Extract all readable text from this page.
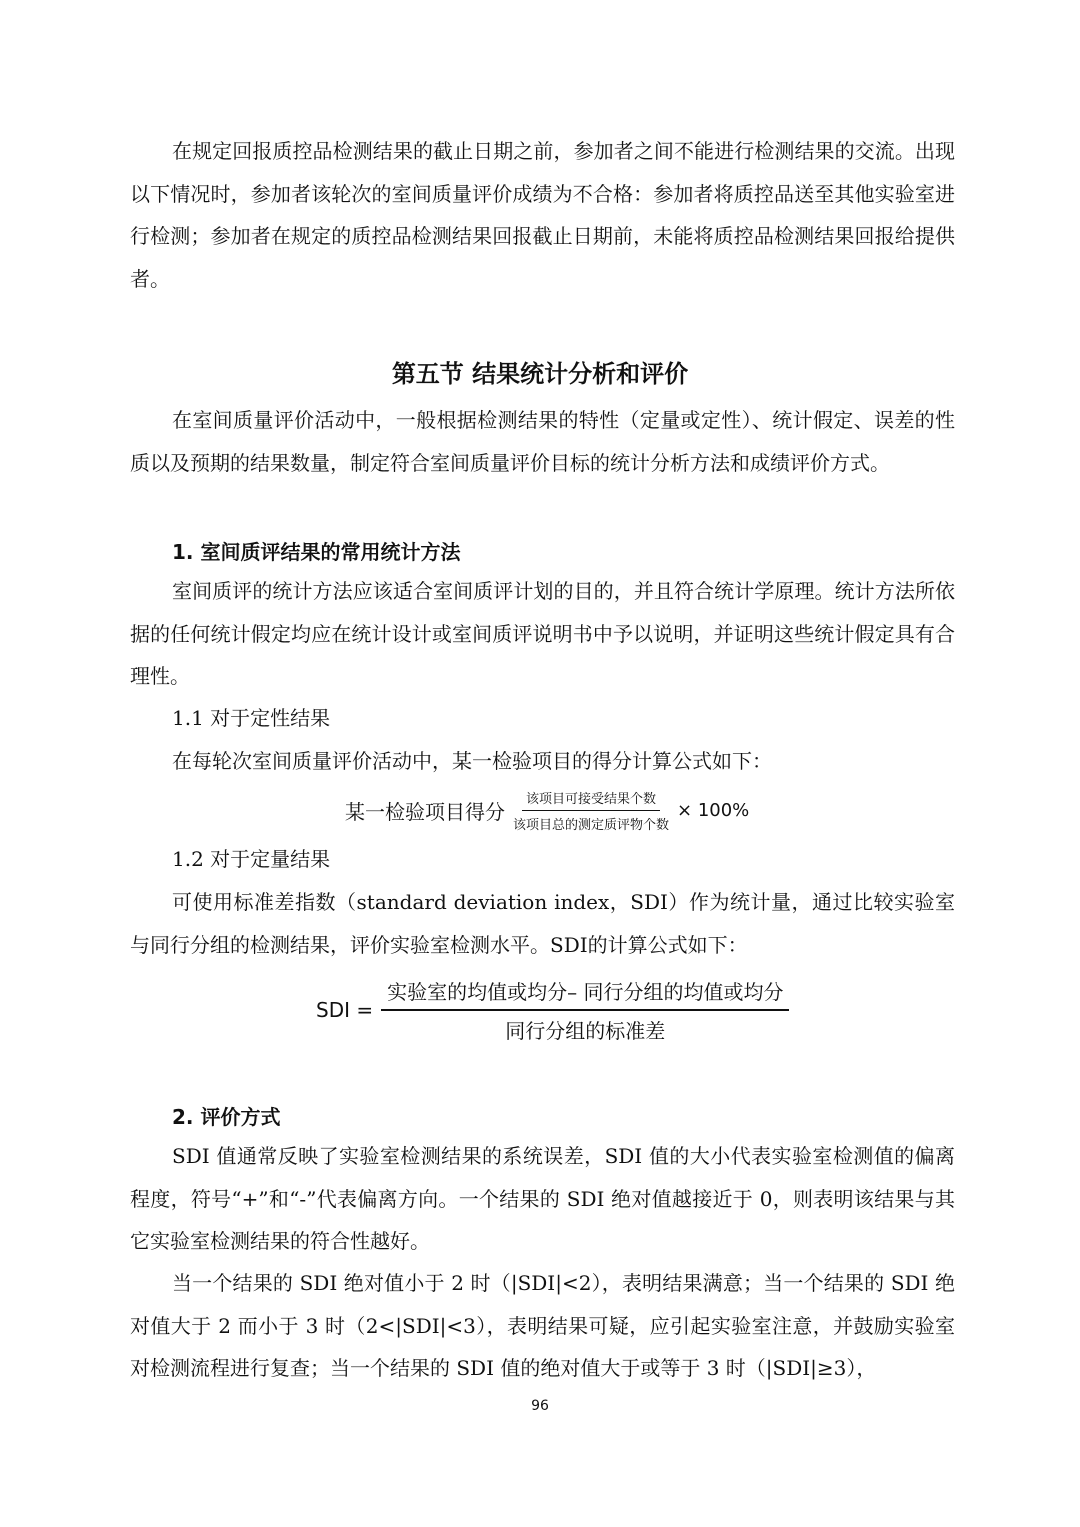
在规定回报质控品检测结果的截止日期之前，参加者之间不能进行检测结果的交流。出现以下情况时，参加者该轮次的室间质量评价成绩为不合格：参加者将质控品送至其他实验室进行检测；参加者在规定的质控品检测结果回报截止日期前，未能将质控品检测结果回报给提供者。

第五节 结果统计分析和评价

在室间质量评价活动中，一般根据检测结果的特性（定量或定性）、统计假定、误差的性质以及预期的结果数量，制定符合室间质量评价目标的统计分析方法和成绩评价方式。

1. 室间质评结果的常用统计方法

室间质评的统计方法应该适合室间质评计划的目的，并且符合统计学原理。统计方法所依据的任何统计假定均应在统计设计或室间质评说明书中予以说明，并证明这些统计假定具有合理性。

1.1 对于定性结果

在每轮次室间质量评价活动中，某一检验项目的得分计算公式如下：

某一检验项目得分 $\frac{\text{该项目可接受结果个数}}{\text{该项目总的测定质评物个数}} \times 100\%$

1.2 对于定量结果

可使用标准差指数（standard deviation index，SDI）作为统计量，通过比较实验室与同行分组的检测结果，评价实验室检测水平。SDI的计算公式如下：

SDI = $\frac{\text{实验室的均值或均分– 同行分组的均值或均分}}{\text{同行分组的标准差}}$
2. 评价方式

SDI 值通常反映了实验室检测结果的系统误差，SDI 值的大小代表实验室检测值的偏离程度，符号“+”和“-”代表偏离方向。一个结果的 SDI 绝对值越接近于 0，则表明该结果与其它实验室检测结果的符合性越好。

当一个结果的 SDI 绝对值小于 2 时（|SDI|<2），表明结果满意；当一个结果的 SDI 绝对值大于 2 而小于 3 时（2<|SDI|<3），表明结果可疑，应引起实验室注意，并鼓励实验室对检测流程进行复查；当一个结果的 SDI 值的绝对值大于或等于 3 时（|SDI|≥3），

96
